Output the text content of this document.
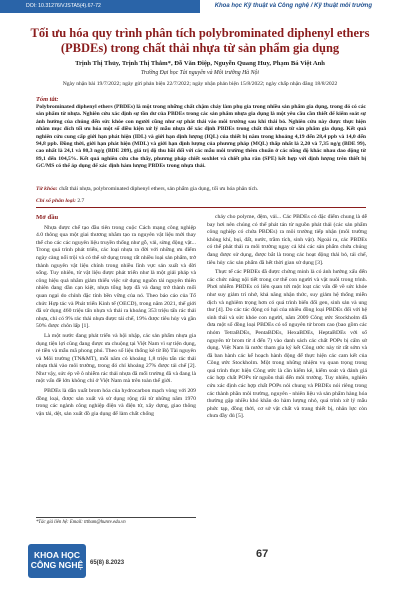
DOI: 10.31276/VJSTA5(4).67-72	Khoa học Kỹ thuật và Công nghệ / Kỹ thuật môi trường
Tối ưu hóa quy trình phân tích polybrominated diphenyl ethers (PBDEs) trong chất thải nhựa từ sản phẩm gia dụng
Trịnh Thị Thủy, Trịnh Thị Thắm*, Đỗ Văn Điệp, Nguyễn Quang Huy, Phạm Bá Việt Anh
Trường Đại học Tài nguyên và Môi trường Hà Nội
Ngày nhận bài 19/7/2022; ngày gửi phản biện 22/7/2022; ngày nhận phản biện 15/8/2022; ngày chấp nhận đăng 18/8/2022
Tóm tắt:
Polybrominated diphenyl ethers (PBDEs) là một trong những chất chậm cháy làm phụ gia trong nhiều sản phẩm gia dụng, trong đó có các sản phẩm từ nhựa. Nghiên cứu xác định sự tồn dư của PBDEs trong các sản phẩm nhựa gia dụng là một yêu cầu cần thiết để kiểm soát sự ảnh hưởng của chúng đến sức khỏe con người cũng như sự phát thải vào môi trường sau khi thải bỏ. Nghiên cứu này được thực hiện nhằm mục đích tối ưu hóa một số điều kiện xử lý mẫu nhựa để xác định PBDEs trong chất thải nhựa từ sản phẩm gia dụng. Kết quả nghiên cứu cung cấp giới hạn phát hiện (IDL) và giới hạn định lượng (IQL) của thiết bị nằm trong khoảng 4,19 đến 28,4 ppb và 14,0 đến 94,8 ppb. Đồng thời, giới hạn phát hiện (MDL) và giới hạn định lượng của phương pháp (MQL) thấp nhất là 2,20 và 7,35 ng/g (BDE 99), cao nhất là 24,1 và 80,3 ng/g (BDE 209), giá trị độ thu hồi đối với các mẫu môi trường thêm chuẩn ở các nồng độ khác nhau dao động từ 89,1 đến 104,5%. Kết quả nghiên cứu cho thấy, phương pháp chiết soxhlet và chiết pha rắn (SPE) kết hợp với định lượng trên thiết bị GC/MS có thể áp dụng để xác định hàm lượng PBDEs trong nhựa thải.
Từ khóa: chất thải nhựa, polybrominated diphenyl ethers, sản phẩm gia dụng, tối ưu hóa phân tích.
Chỉ số phân loại: 2.7
Mở đầu

Nhựa được chế tạo đầu tiên trong cuộc Cách mạng công nghiệp 4.0 thông qua một giai thương nhằm tạo ra nguyên vật liệu mới thay thế cho các các nguyên liệu truyền thống như gỗ, vải, sừng động vật... Trong quá trình phát triển, các loại nhựa ra đời với những ưu điểm ngày càng nổi trội và có thể sử dụng trong rất nhiều loại sản phẩm, trở thành nguyên vật liệu chính trong nhiều lĩnh vực sản xuất và đời sống. Tuy nhiên, từ vật liệu được phát triển như là một giải pháp và công hiệu quả nhằm giảm thiểu việc sử dụng nguồn tài nguyên thiên nhiên đang dần cạn kiệt, nhựa tổng hợp đã và đang trở thành mối quan ngại do chính đặc tính bền vững của nó. Theo báo cáo của Tổ chức Hợp tác và Phát triển Kinh tế (OECD), trong năm 2021, thế giới đã sử dụng 460 triệu tấn nhựa và thải ra khoảng 353 triệu tấn rác thải nhựa, chỉ có 9% rác thải nhựa được tái chế, 19% được tiêu hủy và gần 50% được chôn lấp [1].

Là một nước đang phát triển và hội nhập, các sản phẩm nhựa gia dụng tiện lợi cũng đang được ưa chuộng tại Việt Nam vì sự tiện dụng, rẻ tiền và mẫu mã phong phú. Theo số liệu thống kê từ Bộ Tài nguyên và Môi trường (TN&MT), mỗi năm có khoảng 1,8 triệu tấn rác thải nhựa thải vào môi trường, trong đó chỉ khoảng 27% được tái chế [2]. Như vậy, sức ép về ô nhiễm rác thải nhựa đã mối trường đã và đang là một vấn đề lớn không chỉ ở Việt Nam mà trên toàn thế giới.

PBDEs là dẫn xuất brom hóa của hydrocarbon mạch vòng với 209 đồng loại, được sản xuất và sử dụng rộng rãi từ những năm 1970 trong các ngành công nghiệp điện và điện tử, xây dựng, giao thông vận tải, dệt, sản xuất đồ gia dụng để làm chất chống

cháy cho polyme, đệm, vải... Các PBDEs có đặc điểm chung là dễ bay hơi nên chúng có thể phát tán từ nguồn phát thải (các sản phẩm công nghiệp có chứa PBDEs) ra môi trường tiếp nhận (môi trường không khí, bụi, đất, nước, trầm tích, sinh vật). Ngoài ra, các PBDEs có thể phát thải ra môi trường ngay cả khi các sản phẩm chứa chúng đang được sử dụng, được bắt là trong các hoạt động thải bỏ, tái chế, tiêu hủy các sản phẩm đã hết thời gian sử dụng [3].

Thực tế các PBDEs đã được chứng minh là có ảnh hưởng xấu đến các chức năng nội tiết trong cơ thể con người và vật nuôi trong trình. Phơi nhiễm PBDEs có liên quan tới một loạt các vấn đề về sức khỏe như suy giảm trí nhớ, khả năng nhận thức, suy giảm hệ thống miễn dịch và nghiêm trọng hơn có quá trình biến đổi gen, sinh sản và ung thư [4]. Do các tác động có hại của nhiều đồng loại PBDEs đối với hệ sinh thái và sức khỏe con người, năm 2009 Công ước Stockholm đã đưa một số đồng loại PBDEs có số nguyên tử brom cao (bao gồm các nhóm TetraBDEs, PentaBDEs, HexaBDEs, HeptaBDEs với số nguyên tử brom từ 4 đến 7) vào danh sách các chất POPs bị cấm sử dụng. Việt Nam là nước tham gia ký kết Công ước này từ rất sớm và đã ban hành các kế hoạch hành động để thực hiện các cam kết của Công ước Stockholm. Một trong những nhiệm vụ quan trọng trong quá trình thực hiện Công ước là cần kiểm kê, kiểm soát và đánh giá các hợp chất POPs từ nguồn thải đến môi trường. Tuy nhiên, nghiên cứu xác định các hợp chất POPs nói chung và PBDEs nói riêng trong các thành phần môi trường, nguyên - nhiên liệu và sản phẩm hàng hóa thường gặp nhiều khó khăn do hàm lượng nhỏ, quá trình xử lý mẫu phức tạp, đồng thời, cơ sở vật chất và trang thiết bị, nhân lực còn chưa đầy đủ [5].

*Tác giả liên hệ: Email: tttham@hunre.edu.vn
KHOA HỌC
CÔNG NGHỆ	65(8) 8.2023
67
